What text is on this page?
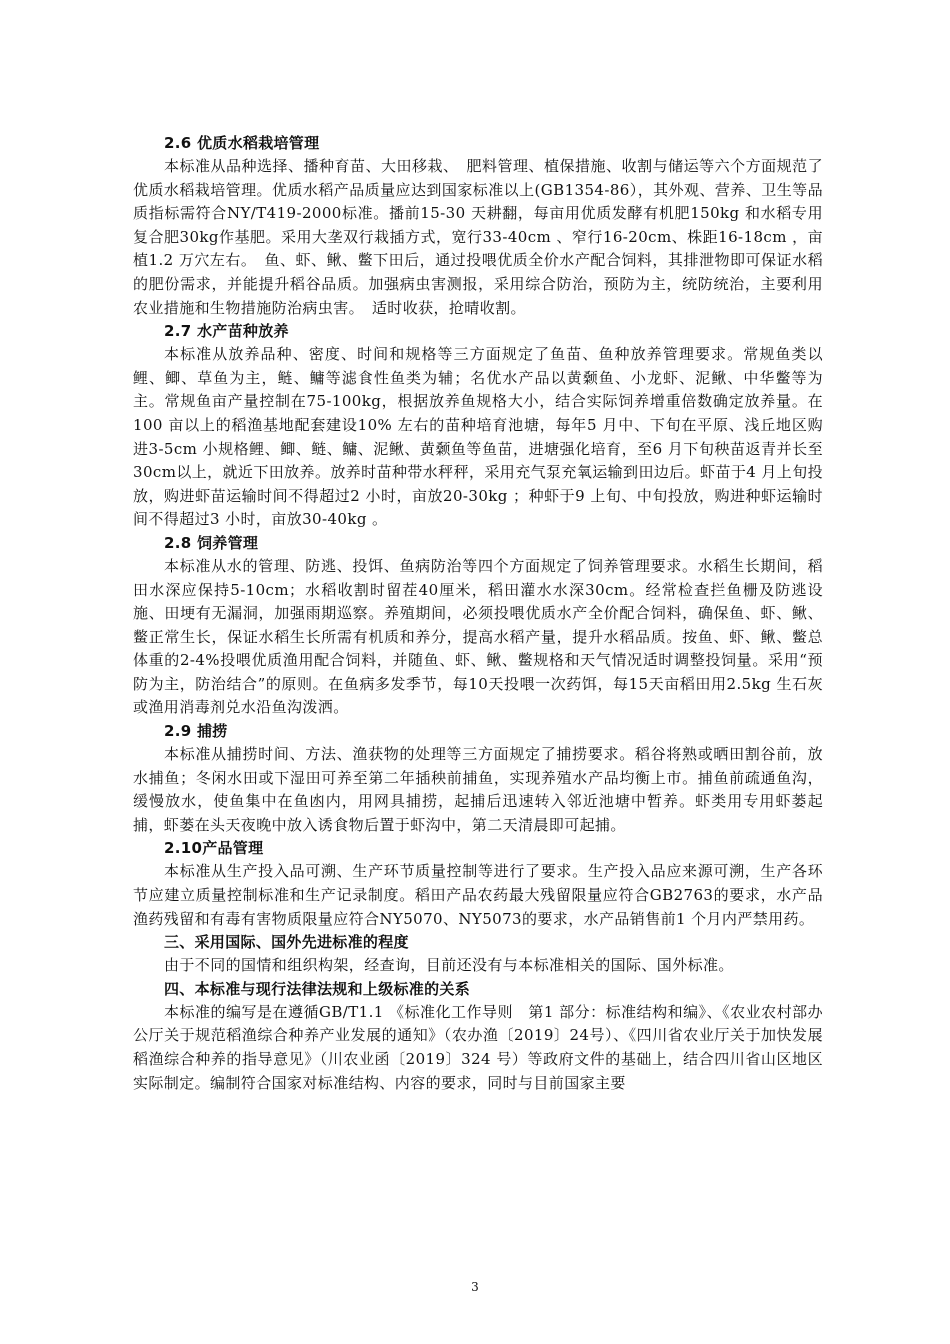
2.6 优质水稻栽培管理
本标准从品种选择、播种育苗、大田移栽、　肥料管理、植保措施、收割与储运等六个方面规范了优质水稻栽培管理。优质水稻产品质量应达到国家标准以上(GB1354-86），其外观、营养、卫生等品质指标需符合NY/T419-2000标准。播前15-30 天耕翻，每亩用优质发酵有机肥150kg 和水稻专用复合肥30kg作基肥。采用大垄双行栽插方式，宽行33-40cm 、窄行16-20cm、株距16-18cm ，亩植1.2 万穴左右。　鱼、虾、鳅、鳖下田后，通过投喂优质全价水产配合饲料，其排泄物即可保证水稻的肥份需求，并能提升稻谷品质。加强病虫害测报，采用综合防治，预防为主，统防统治，主要利用农业措施和生物措施防治病虫害。　适时收获，抢晴收割。
2.7 水产苗种放养
本标准从放养品种、密度、时间和规格等三方面规定了鱼苗、鱼种放养管理要求。常规鱼类以鲤、鲫、草鱼为主，鲢、鳙等滤食性鱼类为辅；名优水产品以黄颡鱼、小龙虾、泥鳅、中华鳖等为主。常规鱼亩产量控制在75-100kg，根据放养鱼规格大小，结合实际饲养增重倍数确定放养量。在100 亩以上的稻渔基地配套建设10% 左右的苗种培育池塘，每年5 月中、下旬在平原、浅丘地区购进3-5cm 小规格鲤、鲫、鲢、鳙、泥鳅、黄颡鱼等鱼苗，进塘强化培育，至6 月下旬秧苗返青并长至30cm以上，就近下田放养。放养时苗种带水秤秤，采用充气泵充氧运输到田边后。虾苗于4 月上旬投放，购进虾苗运输时间不得超过2 小时，亩放20-30kg ；种虾于9 上旬、中旬投放，购进种虾运输时间不得超过3 小时，亩放30-40kg 。
2.8 饲养管理
本标准从水的管理、防逃、投饵、鱼病防治等四个方面规定了饲养管理要求。水稻生长期间，稻田水深应保持5-10cm；水稻收割时留茬40厘米，稻田灌水水深30cm。经常检查拦鱼栅及防逃设施、田埂有无漏洞，加强雨期巡察。养殖期间，必须投喂优质水产全价配合饲料，确保鱼、虾、鳅、鳖正常生长，保证水稻生长所需有机质和养分，提高水稻产量，提升水稻品质。按鱼、虾、鳅、鳖总体重的2-4%投喂优质渔用配合饲料，并随鱼、虾、鳅、鳖规格和天气情况适时调整投饲量。采用“预防为主，防治结合”的原则。在鱼病多发季节，每10天投喂一次药饵，每15天亩稻田用2.5kg 生石灰或渔用消毒剂兑水沿鱼沟泼洒。
2.9 捕捞
本标准从捕捞时间、方法、渔获物的处理等三方面规定了捕捞要求。稻谷将熟或晒田割谷前，放水捕鱼；冬闲水田或下湿田可养至第二年插秧前捕鱼，实现养殖水产品均衡上市。捕鱼前疏通鱼沟，缓慢放水，使鱼集中在鱼凼内，用网具捕捞，起捕后迅速转入邻近池塘中暂养。虾类用专用虾蒌起捕，虾蒌在头天夜晚中放入诱食物后置于虾沟中，第二天清晨即可起捕。
2.10产品管理
本标准从生产投入品可溯、生产环节质量控制等进行了要求。生产投入品应来源可溯，生产各环节应建立质量控制标准和生产记录制度。稻田产品农药最大残留限量应符合GB2763的要求，水产品渔药残留和有毒有害物质限量应符合NY5070、NY5073的要求，水产品销售前1 个月内严禁用药。
三、采用国际、国外先进标准的程度
由于不同的国情和组织构架，经查询，目前还没有与本标准相关的国际、国外标准。
四、本标准与现行法律法规和上级标准的关系
本标准的编写是在遵循GB/T1.1 《标准化工作导则　第1 部分：标准结构和编》、《农业农村部办公厅关于规范稻渔综合种养产业发展的通知》（农办渔〔2019〕24号）、《四川省农业厅关于加快发展稻渔综合种养的指导意见》（川农业函〔2019〕324 号）等政府文件的基础上，结合四川省山区地区实际制定。编制符合国家对标准结构、内容的要求，同时与目前国家主要
3
